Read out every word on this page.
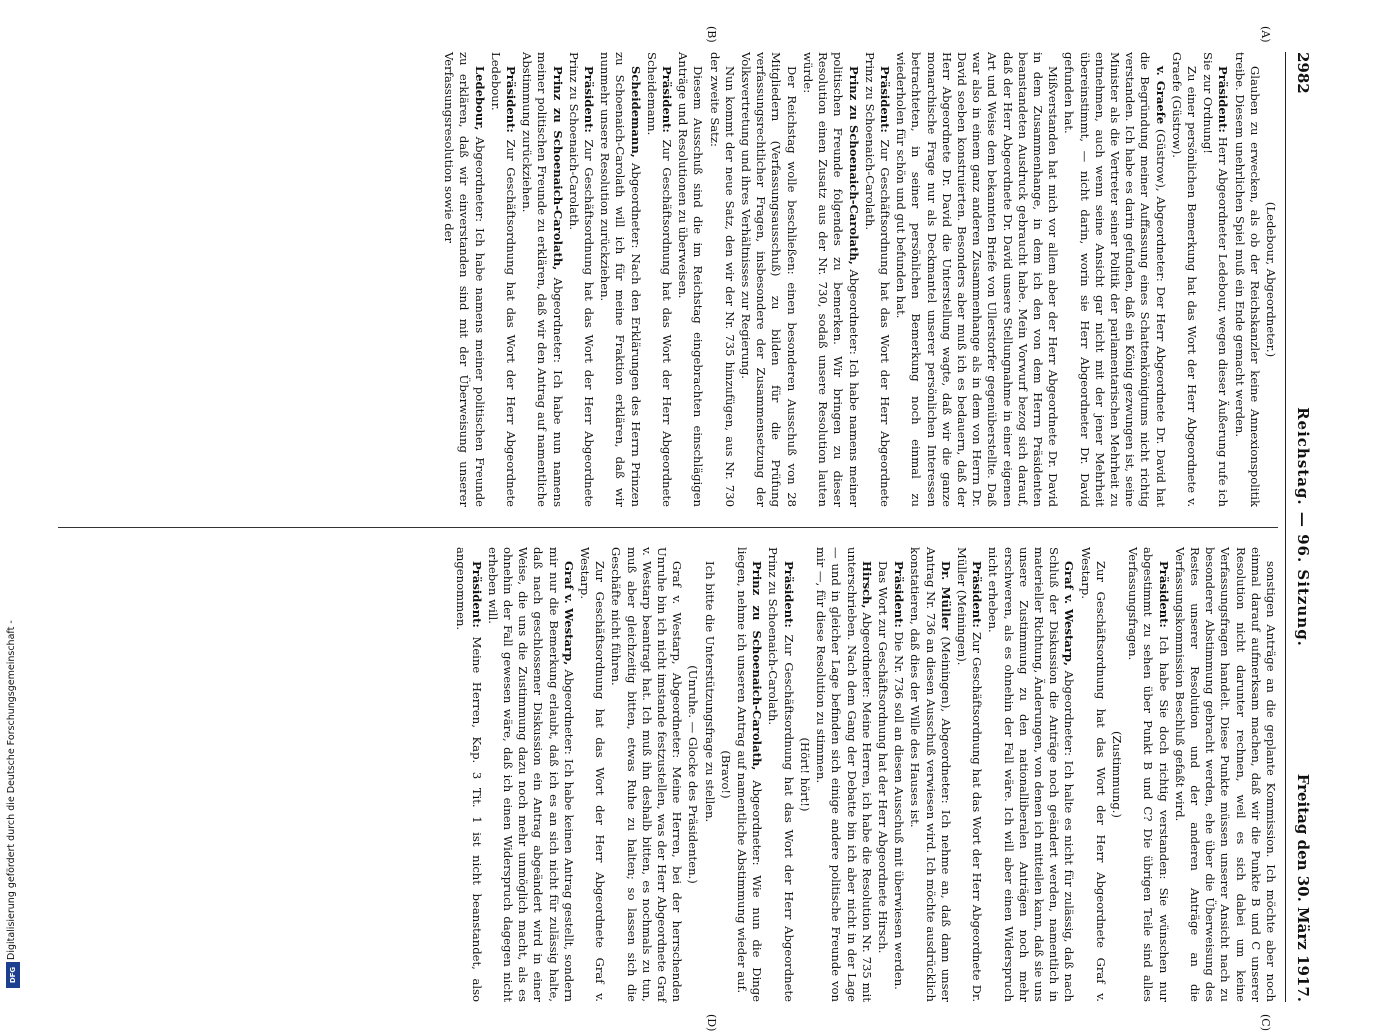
2982
Reichstag. — 96. Sitzung.
Freitag den 30. März 1917.
(A)
(B)
(C)
(D)

(Ledebour, Abgeordneter.)

Glauben zu erwecken, als ob der Reichskanzler keine Annexionspolitik treibe. Diesem unehrlichen Spiel muß ein Ende gemacht werden.

Präsident: Herr Abgeordneter Ledebour, wegen dieser Äußerung rufe ich Sie zur Ordnung!

Zu einer persönlichen Bemerkung hat das Wort der Herr Abgeordnete v. Graefe (Güstrow).

v. Graefe (Güstrow), Abgeordneter: Der Herr Abgeordnete Dr. David hat die Begründung meiner Auffassung eines Schattenkönigtums nicht richtig verstanden. Ich habe es darin gefunden, daß ein König gezwungen ist, seine Minister als die Vertreter seiner Politik der parlamentarischen Mehrheit zu entnehmen, auch wenn seine Ansicht gar nicht mit der jener Mehrheit übereinstimmt, — nicht darin, worin sie Herr Abgeordneter Dr. David gefunden hat.

Mißverstanden hat mich vor allem aber der Herr Abgeordnete Dr. David in dem Zusammenhange, in dem ich den von dem Herrn Präsidenten beanstandeten Ausdruck gebraucht habe. Mein Vorwurf bezog sich darauf, daß der Herr Abgeordnete Dr. David unsere Stellungnahme in einer eigenen Art und Weise dem bekannten Briefe von Ullerstorfer gegenüberstellte. Daß war also in einem ganz anderen Zusammenhange als in dem von Herrn Dr. David soeben konstruierten. Besonders aber muß ich es bedauern, daß der Herr Abgeordnete Dr. David die Unterstellung wagte, daß wir die ganze monarchische Frage nur als Deckmantel unserer persönlichen Interessen betrachteten, in seiner persönlichen Bemerkung noch einmal zu wiederholen für schön und gut befunden hat.

Präsident: Zur Geschäftsordnung hat das Wort der Herr Abgeordnete Prinz zu Schoenaich-Carolath.

Prinz zu Schoenaich-Carolath, Abgeordneter: Ich habe namens meiner politischen Freunde folgendes zu bemerken. Wir bringen zu dieser Resolution einen Zusatz aus der Nr. 730, sodaß unsere Resolution lauten würde:

Der Reichstag wolle beschließen: einen besonderen Ausschuß von 28 Mitgliedern (Verfassungsausschuß) zu bilden für die Prüfung verfassungsrechtlicher Fragen, insbesondere der Zusammensetzung der Volksvertretung und ihres Verhältnisses zur Regierung.

Nun kommt der neue Satz, den wir der Nr. 735 hinzufügen, aus Nr. 730 der zweite Satz:

Diesem Ausschuß sind die im Reichstag eingebrachten einschlägigen Anträge und Resolutionen zu überweisen.

Präsident: Zur Geschäftsordnung hat das Wort der Herr Abgeordnete Scheidemann.

Scheidemann, Abgeordneter: Nach den Erklärungen des Herrn Prinzen zu Schoenaich-Carolath will ich für meine Fraktion erklären, daß wir nunmehr unsere Resolution zurückziehen.

Präsident: Zur Geschäftsordnung hat das Wort der Herr Abgeordnete Prinz zu Schoenaich-Carolath.

Prinz zu Schoenaich-Carolath, Abgeordneter: Ich habe nun namens meiner politischen Freunde zu erklären, daß wir den Antrag auf namentliche Abstimmung zurückziehen.

Präsident: Zur Geschäftsordnung hat das Wort der Herr Abgeordnete Ledebour.

Ledebour, Abgeordneter: Ich habe namens meiner politischen Freunde zu erklären, daß wir einverstanden sind mit der Überweisung unserer Verfassungsresolution sowie der

sonstigen Anträge an die geplante Kommission. Ich möchte aber noch einmal darauf aufmerksam machen, daß wir die Punkte B und C unserer Resolution nicht darunter rechnen, weil es sich dabei um keine Verfassungsfragen handelt. Diese Punkte müssen unserer Ansicht nach zu besonderer Abstimmung gebracht werden, ehe über die Überweisung des Restes unserer Resolution und der anderen Anträge an die Verfassungskommission Beschluß gefaßt wird.

Präsident: Ich habe Sie doch richtig verstanden: Sie wünschen nur abgestimmt zu sehen über Punkt B und C? Die übrigen Teile sind alles Verfassungsfragen.

(Zustimmung.)

Zur Geschäftsordnung hat das Wort der Herr Abgeordnete Graf v. Westarp.

Graf v. Westarp, Abgeordneter: Ich halte es nicht für zulässig, daß nach Schluß der Diskussion die Anträge noch geändert werden, namentlich in materieller Richtung, Änderungen, von denen ich mitteilen kann, daß sie uns unsere Zustimmung zu den nationalliberalen Anträgen noch mehr erschweren, als es ohnehin der Fall wäre. Ich will aber einen Widerspruch nicht erheben.

Präsident: Zur Geschäftsordnung hat das Wort der Herr Abgeordnete Dr. Müller (Meiningen).

Dr. Müller (Meiningen), Abgeordneter: Ich nehme an, daß dann unser Antrag Nr. 736 an diesen Ausschuß verwiesen wird. Ich möchte ausdrücklich konstatieren, daß dies der Wille des Hauses ist.

Präsident: Die Nr. 736 soll an diesen Ausschuß mit überwiesen werden.

Das Wort zur Geschäftsordnung hat der Herr Abgeordnete Hirsch.

Hirsch, Abgeordneter: Meine Herren, ich habe die Resolution Nr. 735 mit unterschrieben. Nach dem Gang der Debatte bin ich aber nicht in der Lage — und in gleicher Lage befinden sich einige andere politische Freunde von mir —, für diese Resolution zu stimmen.

(Hört! hört!)

Präsident: Zur Geschäftsordnung hat das Wort der Herr Abgeordnete Prinz zu Schoenaich-Carolath.

Prinz zu Schoenaich-Carolath, Abgeordneter: Wie nun die Dinge liegen, nehme ich unseren Antrag auf namentliche Abstimmung wieder auf.

(Bravo!)

Ich bitte die Unterstützungsfrage zu stellen.

(Unruhe. — Glocke des Präsidenten.)

Graf v. Westarp, Abgeordneter: Meine Herren, bei der herrschenden Unruhe bin ich nicht imstande festzustellen, was der Herr Abgeordnete Graf v. Westarp beantragt hat. Ich muß ihn deshalb bitten, es nochmals zu tun, muß aber gleichzeitig bitten, etwas Ruhe zu halten; so lassen sich die Geschäfte nicht führen.

Zur Geschäftsordnung hat das Wort der Herr Abgeordnete Graf v. Westarp.

Graf v. Westarp, Abgeordneter: Ich habe keinen Antrag gestellt, sondern mir nur die Bemerkung erlaubt, daß ich es an sich nicht für zulässig halte, daß nach geschlossener Diskussion ein Antrag abgeändert wird in einer Weise, die uns die Zustimmung dazu noch mehr unmöglich macht, als es ohnehin der Fall gewesen wäre, daß ich einen Widerspruch dagegen nicht erheben will.

Präsident: Meine Herren, Kap. 3 Tit. 1 ist nicht beanstandet, also angenommen.

Digitalisierung gefördert durch die Deutsche Forschungsgemeinschaft -
DFG
